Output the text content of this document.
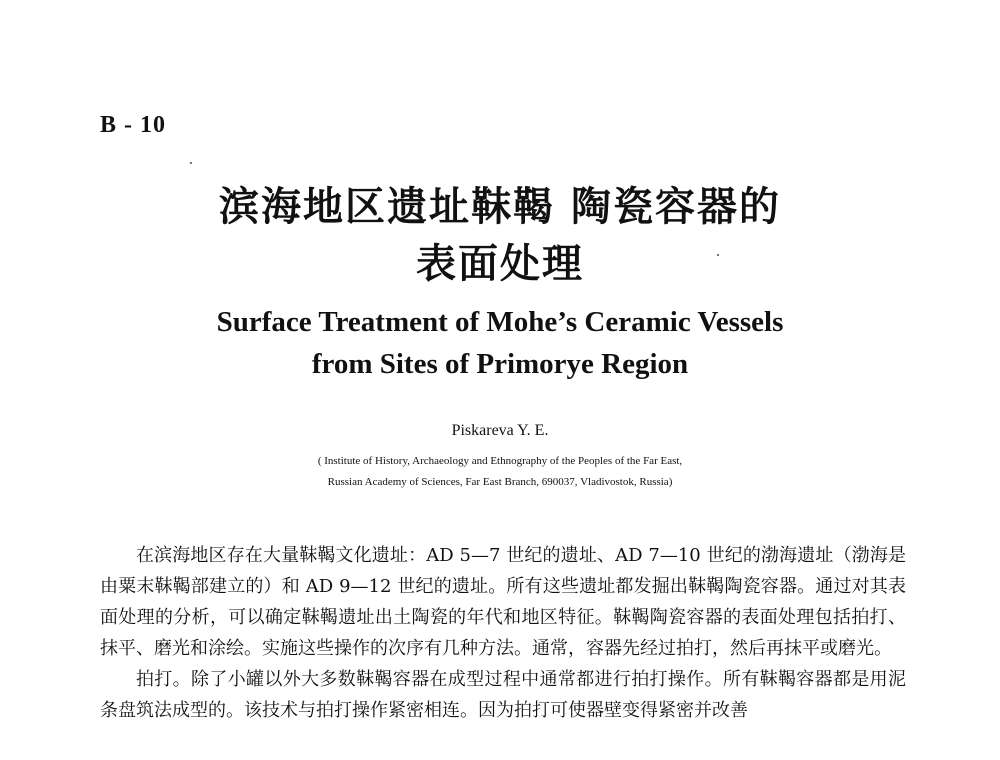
B - 10
滨海地区遗址靺鞨 陶瓷容器的
表面处理
Surface Treatment of Mohe’s Ceramic Vessels
from Sites of Primorye Region
Piskareva Y. E.
( Institute of History, Archaeology and Ethnography of the Peoples of the Far East,
Russian Academy of Sciences, Far East Branch, 690037, Vladivostok, Russia)

在滨海地区存在大量靺鞨文化遗址：AD 5—7 世纪的遗址、AD 7—10 世纪的渤海遗址（渤海是由粟末靺鞨部建立的）和 AD 9—12 世纪的遗址。所有这些遗址都发掘出靺鞨陶瓷容器。通过对其表面处理的分析，可以确定靺鞨遗址出土陶瓷的年代和地区特征。靺鞨陶瓷容器的表面处理包括拍打、抹平、磨光和涂绘。实施这些操作的次序有几种方法。通常，容器先经过拍打，然后再抹平或磨光。

拍打。除了小罐以外大多数靺鞨容器在成型过程中通常都进行拍打操作。所有靺鞨容器都是用泥条盘筑法成型的。该技术与拍打操作紧密相连。因为拍打可使器壁变得紧密并改善
